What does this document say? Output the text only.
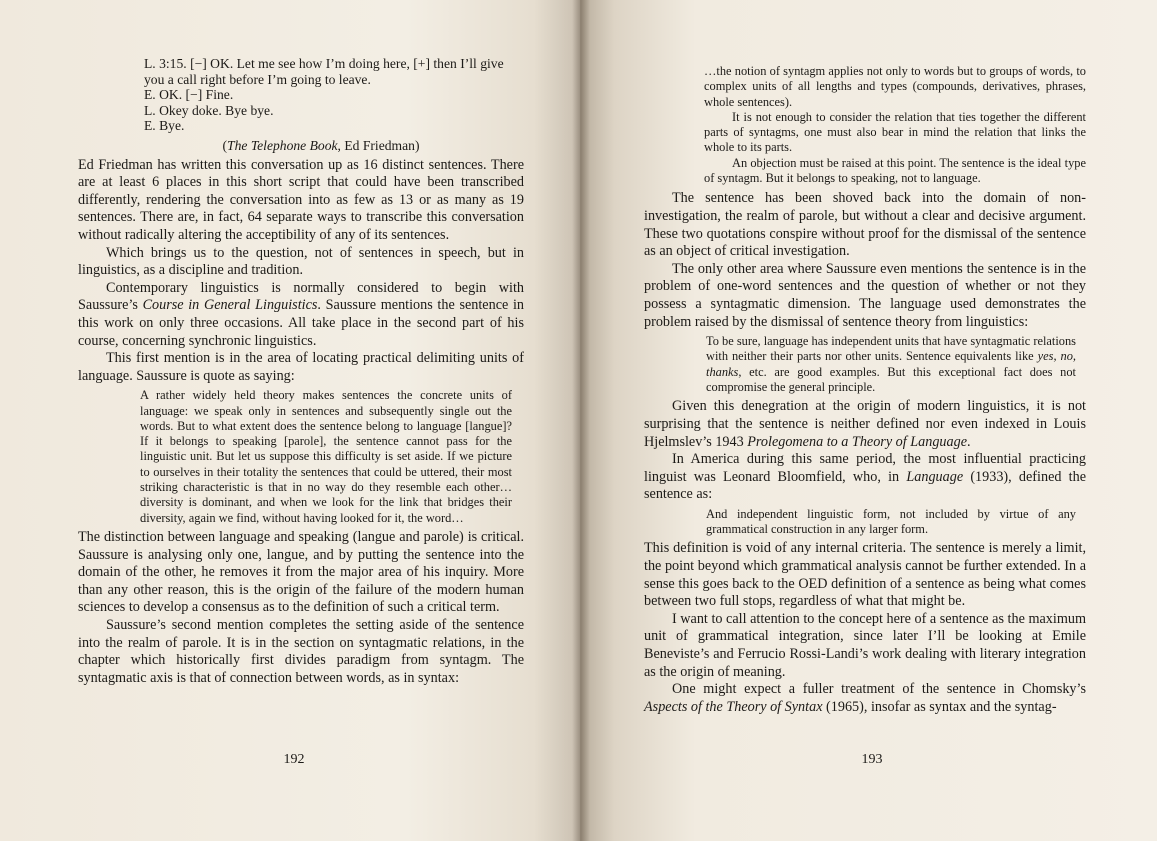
L. 3:15. [−] OK. Let me see how I’m doing here, [+] then I’ll give you a call right before I’m going to leave.

E. OK. [−] Fine.

L. Okey doke. Bye bye.

E. Bye.

(The Telephone Book, Ed Friedman)

Ed Friedman has written this conversation up as 16 distinct sentences. There are at least 6 places in this short script that could have been transcribed differently, rendering the conversation into as few as 13 or as many as 19 sentences. There are, in fact, 64 separate ways to transcribe this conversation without radically altering the acceptibility of any of its sentences.

Which brings us to the question, not of sentences in speech, but in linguistics, as a discipline and tradition.

Contemporary linguistics is normally considered to begin with Saussure’s Course in General Linguistics. Saussure mentions the sentence in this work on only three occasions. All take place in the second part of his course, concerning synchronic linguistics.

This first mention is in the area of locating practical delimiting units of language. Saussure is quote as saying:

A rather widely held theory makes sentences the concrete units of language: we speak only in sentences and subsequently single out the words. But to what extent does the sentence belong to language [langue]? If it belongs to speaking [parole], the sentence cannot pass for the linguistic unit. But let us suppose this difficulty is set aside. If we picture to ourselves in their totality the sentences that could be uttered, their most striking characteristic is that in no way do they resemble each other…diversity is dominant, and when we look for the link that bridges their diversity, again we find, without having looked for it, the word…

The distinction between language and speaking (langue and parole) is critical. Saussure is analysing only one, langue, and by putting the sentence into the domain of the other, he removes it from the major area of his inquiry. More than any other reason, this is the origin of the failure of the modern human sciences to develop a consensus as to the definition of such a critical term.

Saussure’s second mention completes the setting aside of the sentence into the realm of parole. It is in the section on syntagmatic relations, in the chapter which historically first divides paradigm from syntagm. The syntagmatic axis is that of connection between words, as in syntax:

192

…the notion of syntagm applies not only to words but to groups of words, to complex units of all lengths and types (compounds, derivatives, phrases, whole sentences).

It is not enough to consider the relation that ties together the different parts of syntagms, one must also bear in mind the relation that links the whole to its parts.

An objection must be raised at this point. The sentence is the ideal type of syntagm. But it belongs to speaking, not to language.

The sentence has been shoved back into the domain of non-investigation, the realm of parole, but without a clear and decisive argument. These two quotations conspire without proof for the dismissal of the sentence as an object of critical investigation.

The only other area where Saussure even mentions the sentence is in the problem of one-word sentences and the question of whether or not they possess a syntagmatic dimension. The language used demonstrates the problem raised by the dismissal of sentence theory from linguistics:

To be sure, language has independent units that have syntagmatic relations with neither their parts nor other units. Sentence equivalents like yes, no, thanks, etc. are good examples. But this exceptional fact does not compromise the general principle.

Given this denegration at the origin of modern linguistics, it is not surprising that the sentence is neither defined nor even indexed in Louis Hjelmslev’s 1943 Prolegomena to a Theory of Language.

In America during this same period, the most influential practicing linguist was Leonard Bloomfield, who, in Language (1933), defined the sentence as:

And independent linguistic form, not included by virtue of any grammatical construction in any larger form.

This definition is void of any internal criteria. The sentence is merely a limit, the point beyond which grammatical analysis cannot be further extended. In a sense this goes back to the OED definition of a sentence as being what comes between two full stops, regardless of what that might be.

I want to call attention to the concept here of a sentence as the maximum unit of grammatical integration, since later I’ll be looking at Emile Beneviste’s and Ferrucio Rossi-Landi’s work dealing with literary integration as the origin of meaning.

One might expect a fuller treatment of the sentence in Chomsky’s Aspects of the Theory of Syntax (1965), insofar as syntax and the syntag-

193
